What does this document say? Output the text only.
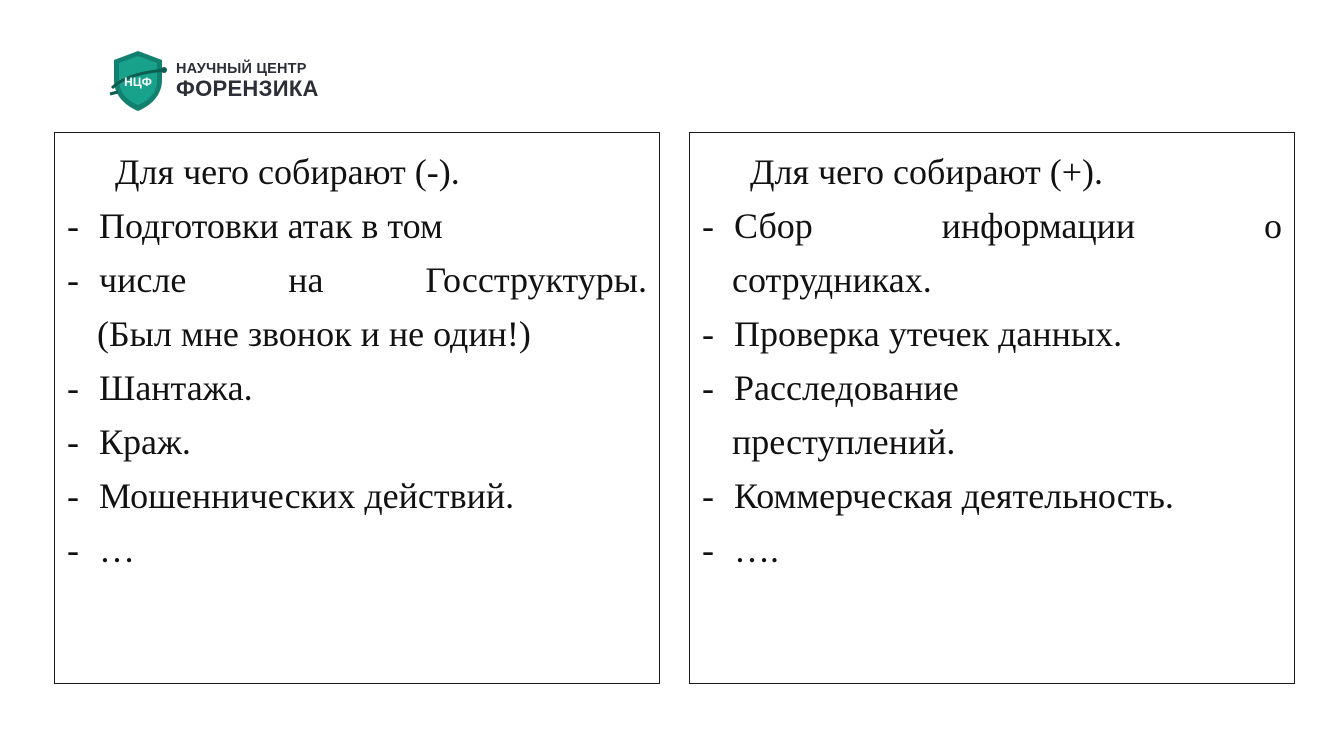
НЦФ
НАУЧНЫЙ ЦЕНТР
ФОРЕНЗИКА
Для чего собирают (-).
- Подготовки атак в том
- числе	на	Госструктуры.
(Был мне звонок и не один!)
- Шантажа.
- Краж.
- Мошеннических действий.
- …
Для чего собирают (+).
- Сбор	информации	о
сотрудниках.
- Проверка утечек данных.
- Расследование
преступлений.
- Коммерческая деятельность.
- ….
